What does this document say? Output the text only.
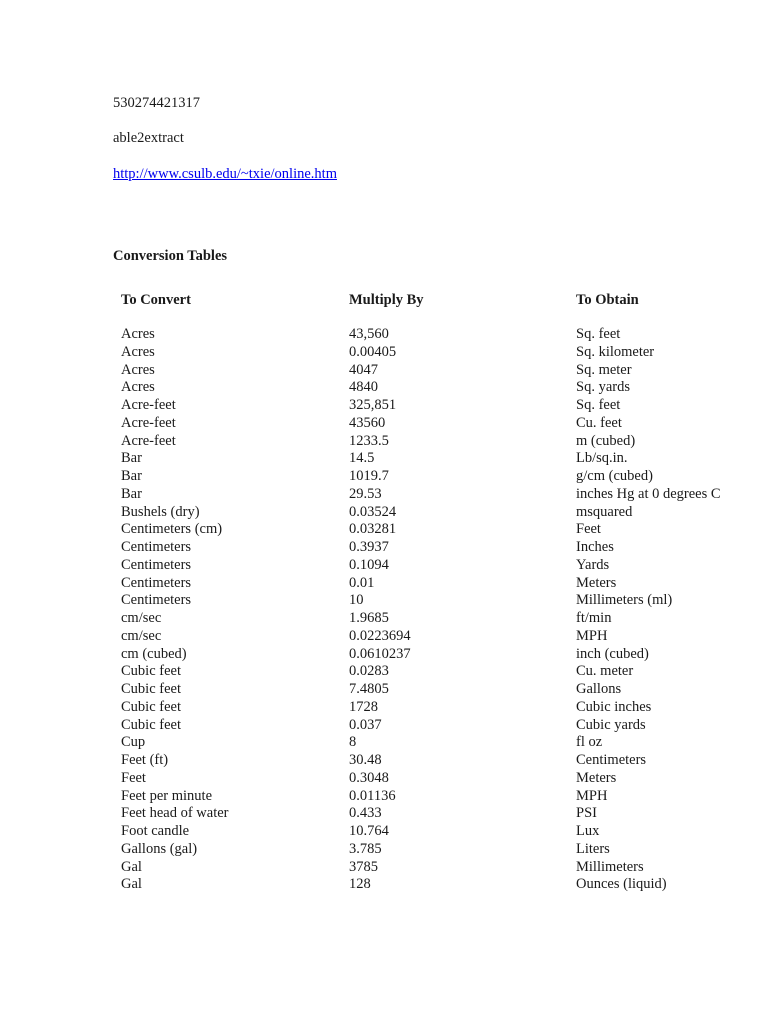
530274421317
able2extract
http://www.csulb.edu/~txie/online.htm
Conversion Tables
To Convert	Multiply By	To Obtain
Acres	43,560	Sq. feet
Acres	0.00405	Sq. kilometer
Acres	4047	Sq. meter
Acres	4840	Sq. yards
Acre-feet	325,851	Sq. feet
Acre-feet	43560	Cu. feet
Acre-feet	1233.5	m (cubed)
Bar	14.5	Lb/sq.in.
Bar	1019.7	g/cm (cubed)
Bar	29.53	inches Hg at 0 degrees C
Bushels (dry)	0.03524	msquared
Centimeters (cm)	0.03281	Feet
Centimeters	0.3937	Inches
Centimeters	0.1094	Yards
Centimeters	0.01	Meters
Centimeters	10	Millimeters (ml)
cm/sec	1.9685	ft/min
cm/sec	0.0223694	MPH
cm (cubed)	0.0610237	inch (cubed)
Cubic feet	0.0283	Cu. meter
Cubic feet	7.4805	Gallons
Cubic feet	1728	Cubic inches
Cubic feet	0.037	Cubic yards
Cup	8	fl oz
Feet (ft)	30.48	Centimeters
Feet	0.3048	Meters
Feet per minute	0.01136	MPH
Feet head of water	0.433	PSI
Foot candle	10.764	Lux
Gallons (gal)	3.785	Liters
Gal	3785	Millimeters
Gal	128	Ounces (liquid)
